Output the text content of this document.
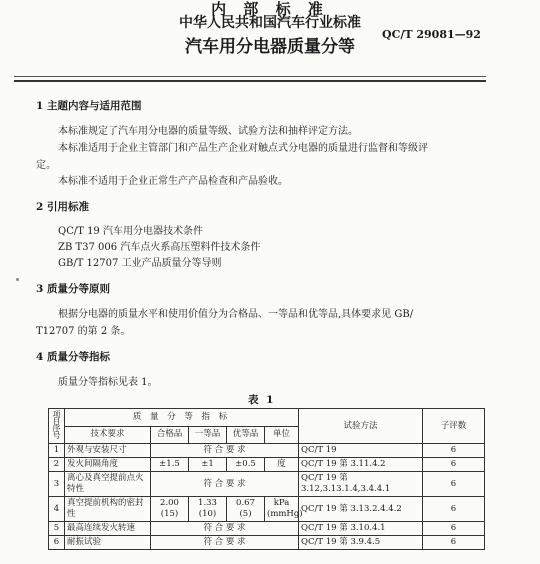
内 部 标 准
中华人民共和国汽车行业标准
汽车用分电器质量分等
QC/T 29081—92
1 主题内容与适用范围
本标准规定了汽车用分电器的质量等级、试验方法和抽样评定方法。
本标准适用于企业主管部门和产品生产企业对触点式分电器的质量进行监督和等级评
定。
本标准不适用于企业正常生产产品检查和产品验收。
2 引用标准
QC/T 19 汽车用分电器技术条件
ZB T37 006 汽车点火系高压塑料件技术条件
GB/T 12707 工业产品质量分等导则
3 质量分等原则
根据分电器的质量水平和使用价值分为合格品、一等品和优等品,具体要求见 GB/
T12707 的第 2 条。
4 质量分等指标
质量分等指标见表 1。
表 1
项目序号	质 量 分 等 指 标					试验方法	子评数
	技术要求	合格品	一等品	优等品	单位		
1	外观与安装尺寸	符 合 要 求				QC/T 19	6
2	发火间隔角度	±1.5	±1	±0.5	度	QC/T 19 第 3.11.4.2	6
3	离心及真空提前点火特性	符 合 要 求				QC/T 19 第 3.12,3.13.1.4,3.4.4.1	6
4	真空提前机构的密封性	2.00 (15)	1.33 (10)	0.67 (5)	kPa (mmHg)	QC/T 19 第 3.13.2.4.4.2	6
5	最高连续发火转速	符 合 要 求				QC/T 19 第 3.10.4.1	6
6	耐振试验	符 合 要 求				QC/T 19 第 3.9.4.5	6
